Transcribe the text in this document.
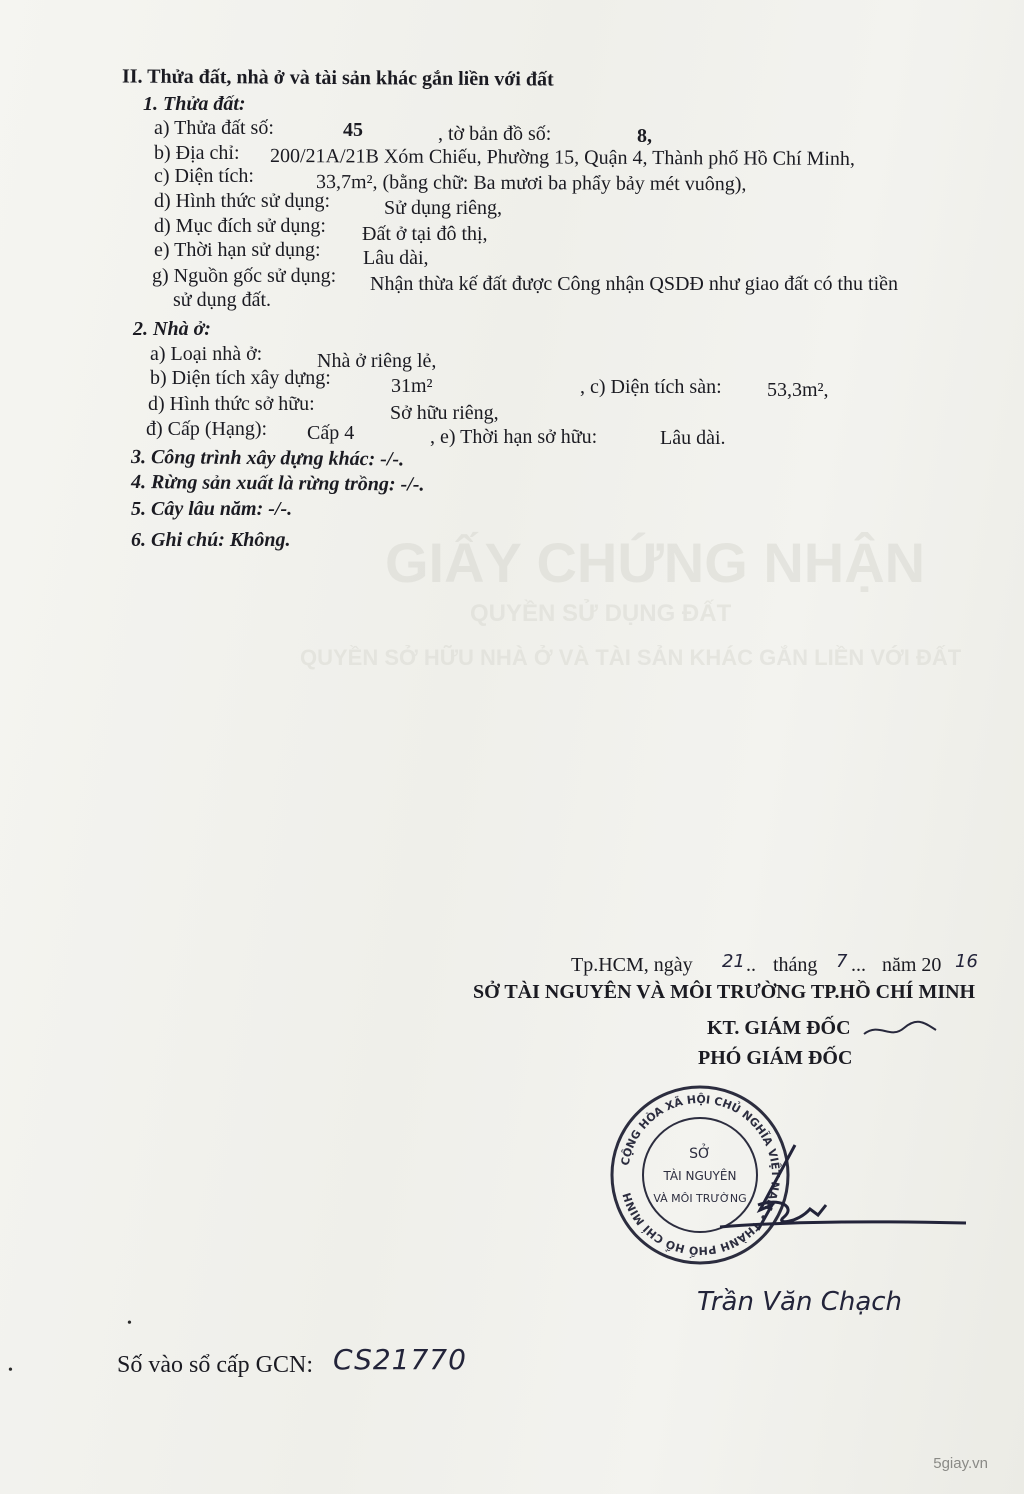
GIẤY CHỨNG NHẬN
QUYỀN SỬ DỤNG ĐẤT
QUYỀN SỞ HỮU NHÀ Ở VÀ TÀI SẢN KHÁC GẮN LIỀN VỚI ĐẤT
II. Thửa đất, nhà ở và tài sản khác gắn liền với đất
1. Thửa đất:
a) Thửa đất số:	45	, tờ bản đồ số:	8,
b) Địa chỉ: 200/21A/21B Xóm Chiếu, Phường 15, Quận 4, Thành phố Hồ Chí Minh,
c) Diện tích:	33,7m², (bằng chữ: Ba mươi ba phẩy bảy mét vuông),
d) Hình thức sử dụng:	Sử dụng riêng,
d) Mục đích sử dụng: Đất ở tại đô thị,
e) Thời hạn sử dụng: Lâu dài,
g) Nguồn gốc sử dụng: Nhận thừa kế đất được Công nhận QSDĐ như giao đất có thu tiền
sử dụng đất.
2. Nhà ở:
a) Loại nhà ở:	Nhà ở riêng lẻ,
b) Diện tích xây dựng:	31m²	, c) Diện tích sàn: 53,3m²,
d) Hình thức sở hữu:	Sở hữu riêng,
đ) Cấp (Hạng): Cấp 4	, e) Thời hạn sở hữu:	Lâu dài.
3. Công trình xây dựng khác: -/-.
4. Rừng sản xuất là rừng trồng: -/-.
5. Cây lâu năm: -/-.
6. Ghi chú: Không.
Tp.HCM, ngày 21 .. tháng 7 ... năm 20 16
SỞ TÀI NGUYÊN VÀ MÔI TRƯỜNG TP.HỒ CHÍ MINH
KT. GIÁM ĐỐC
PHÓ GIÁM ĐỐC
CỘNG HÒA XÃ HỘI CHỦ NGHĨA VIỆT NAM • THÀNH PHỐ HỒ CHÍ MINH
SỞ
TÀI NGUYÊN
VÀ MÔI TRƯỜNG
Trần Văn Chạch
Số vào sổ cấp GCN: CS21770
•
•
5giay.vn
